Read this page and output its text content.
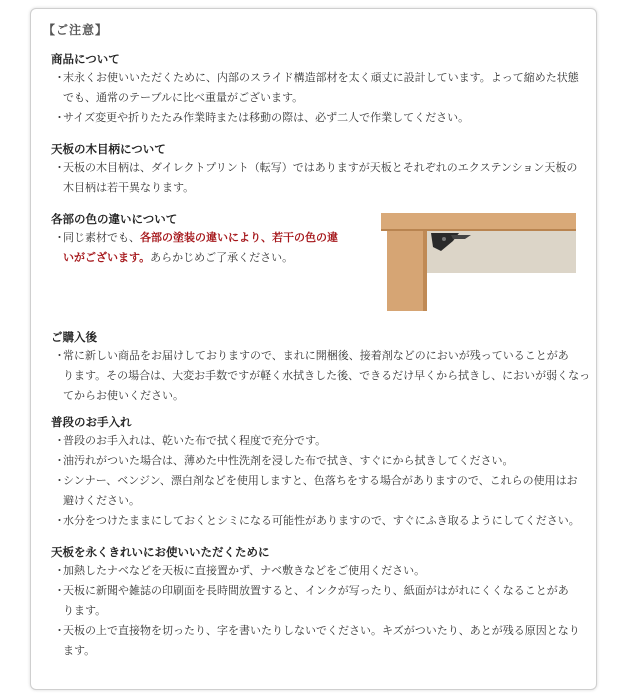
【ご注意】
商品について
・
末永くお使いいただくために、内部のスライド構造部材を太く頑丈に設計しています。よって縮めた状態
でも、通常のテーブルに比べ重量がございます。
・
サイズ変更や折りたたみ作業時または移動の際は、必ず二人で作業してください。
天板の木目柄について
・
天板の木目柄は、ダイレクトプリント（転写）ではありますが天板とそれぞれのエクステンション天板の
木目柄は若干異なります。
各部の色の違いについて
・
同じ素材でも、各部の塗装の違いにより、若干の色の違
いがございます。あらかじめご了承ください。
ご購入後
・
常に新しい商品をお届けしておりますので、まれに開梱後、接着剤などのにおいが残っていることがあ
ります。その場合は、大変お手数ですが軽く水拭きした後、できるだけ早くから拭きし、においが弱くなっ
てからお使いください。
普段のお手入れ
・
普段のお手入れは、乾いた布で拭く程度で充分です。
・
油汚れがついた場合は、薄めた中性洗剤を浸した布で拭き、すぐにから拭きしてください。
・
シンナー、ベンジン、漂白剤などを使用しますと、色落ちをする場合がありますので、これらの使用はお
避けください。
・
水分をつけたままにしておくとシミになる可能性がありますので、すぐにふき取るようにしてください。
天板を永くきれいにお使いいただくために
・
加熱したナベなどを天板に直接置かず、ナベ敷きなどをご使用ください。
・
天板に新聞や雑誌の印刷面を長時間放置すると、インクが写ったり、紙面がはがれにくくなることがあ
ります。
・
天板の上で直接物を切ったり、字を書いたりしないでください。キズがついたり、あとが残る原因となり
ます。
